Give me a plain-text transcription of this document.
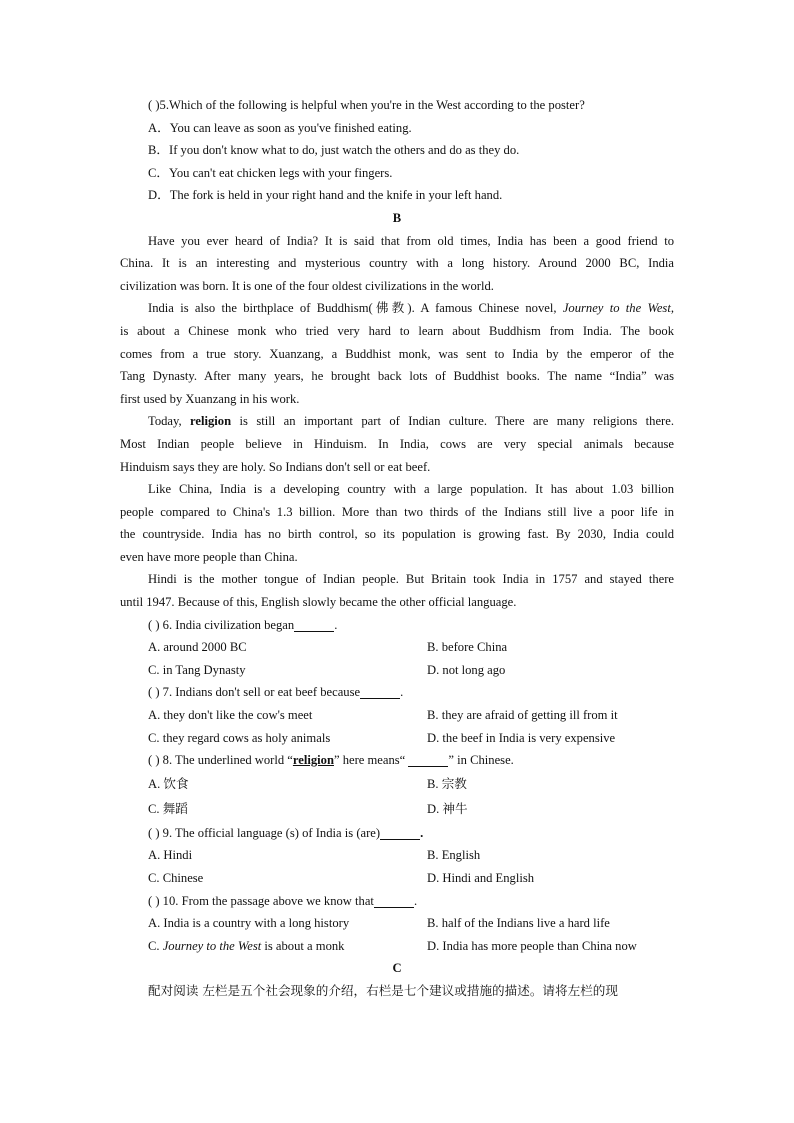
( )5.Which of the following is helpful when you're in the West according to the poster?
A．You can leave as soon as you've finished eating.
B．If you don't know what to do, just watch the others and do as they do.
C．You can't eat chicken legs with your fingers.
D．The fork is held in your right hand and the knife in your left hand.
B
Have you ever heard of India? It is said that from old times, India has been a good friend to
China. It is an interesting and mysterious country with a long history. Around 2000 BC, India
civilization was born. It is one of the four oldest civilizations in the world.
India is also the birthplace of Buddhism(佛教). A famous Chinese novel, Journey to the West,
is about a Chinese monk who tried very hard to learn about Buddhism from India. The book
comes from a true story. Xuanzang, a Buddhist monk, was sent to India by the emperor of the
Tang Dynasty. After many years, he brought back lots of Buddhist books. The name “India” was
first used by Xuanzang in his work.
Today, religion is still an important part of Indian culture. There are many religions there.
Most Indian people believe in Hinduism. In India, cows are very special animals because
Hinduism says they are holy. So Indians don't sell or eat beef.
Like China, India is a developing country with a large population. It has about 1.03 billion
people compared to China's 1.3 billion. More than two thirds of the Indians still live a poor life in
the countryside. India has no birth control, so its population is growing fast. By 2030, India could
even have more people than China.
Hindi is the mother tongue of Indian people. But Britain took India in 1757 and stayed there
until 1947. Because of this, English slowly became the other official language.
( ) 6. India civilization began	.
A. around 2000 BC	B. before China
C. in Tang Dynasty	D. not long ago
( ) 7. Indians don't sell or eat beef because	.
A. they don't like the cow's meet	B. they are afraid of getting ill from it
C. they regard cows as holy animals	D. the beef in India is very expensive
( ) 8. The underlined world “religion” here means“	” in Chinese.
A. 饮食	B. 宗教
C. 舞蹈	D. 神牛
( ) 9. The official language (s) of India is (are)	.
A. Hindi	B. English
C. Chinese	D. Hindi and English
( ) 10. From the passage above we know that	.
A. India is a country with a long history	B. half of the Indians live a hard life
C. Journey to the West is about a monk	D. India has more people than China now
C
配对阅读 左栏是五个社会现象的介绍，右栏是七个建议或措施的描述。请将左栏的现
